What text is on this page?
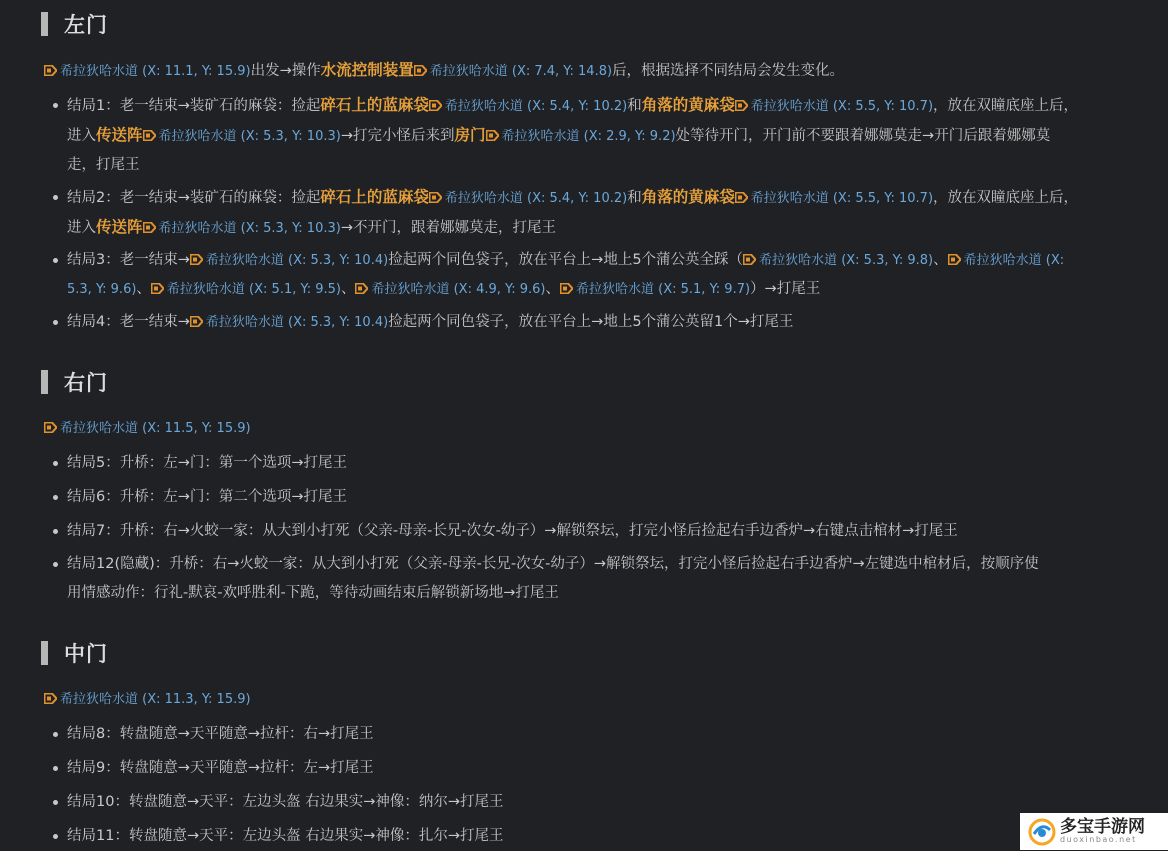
左门
希拉狄哈水道 (X: 11.1, Y: 15.9)出发→操作水流控制装置 希拉狄哈水道 (X: 7.4, Y: 14.8)后，根据选择不同结局会发生变化。
结局1：老一结束→装矿石的麻袋：捡起碎石上的蓝麻袋 希拉狄哈水道 (X: 5.4, Y: 10.2)和角落的黄麻袋 希拉狄哈水道 (X: 5.5, Y: 10.7)，放在双瞳底座上后，
进入传送阵 希拉狄哈水道 (X: 5.3, Y: 10.3)→打完小怪后来到房门 希拉狄哈水道 (X: 2.9, Y: 9.2)处等待开门，开门前不要跟着娜娜莫走→开门后跟着娜娜莫
走，打尾王
结局2：老一结束→装矿石的麻袋：捡起碎石上的蓝麻袋 希拉狄哈水道 (X: 5.4, Y: 10.2)和角落的黄麻袋 希拉狄哈水道 (X: 5.5, Y: 10.7)，放在双瞳底座上后，
进入传送阵 希拉狄哈水道 (X: 5.3, Y: 10.3)→不开门，跟着娜娜莫走，打尾王
结局3：老一结束→ 希拉狄哈水道 (X: 5.3, Y: 10.4)捡起两个同色袋子，放在平台上→地上5个蒲公英全踩（ 希拉狄哈水道 (X: 5.3, Y: 9.8)、 希拉狄哈水道 (X:
5.3, Y: 9.6)、 希拉狄哈水道 (X: 5.1, Y: 9.5)、 希拉狄哈水道 (X: 4.9, Y: 9.6)、 希拉狄哈水道 (X: 5.1, Y: 9.7)）→打尾王
结局4：老一结束→ 希拉狄哈水道 (X: 5.3, Y: 10.4)捡起两个同色袋子，放在平台上→地上5个蒲公英留1个→打尾王
右门
希拉狄哈水道 (X: 11.5, Y: 15.9)
结局5：升桥：左→门：第一个选项→打尾王
结局6：升桥：左→门：第二个选项→打尾王
结局7：升桥：右→火蛟一家：从大到小打死（父亲-母亲-长兄-次女-幼子）→解锁祭坛，打完小怪后捡起右手边香炉→右键点击棺材→打尾王
结局12(隐藏)：升桥：右→火蛟一家：从大到小打死（父亲-母亲-长兄-次女-幼子）→解锁祭坛，打完小怪后捡起右手边香炉→左键选中棺材后，按顺序使
用情感动作：行礼-默哀-欢呼胜利-下跪，等待动画结束后解锁新场地→打尾王
中门
希拉狄哈水道 (X: 11.3, Y: 15.9)
结局8：转盘随意→天平随意→拉杆：右→打尾王
结局9：转盘随意→天平随意→拉杆：左→打尾王
结局10：转盘随意→天平：左边头盔 右边果实→神像：纳尔→打尾王
结局11：转盘随意→天平：左边头盔 右边果实→神像：扎尔→打尾王	多宝手游网
duoxinbao.net
